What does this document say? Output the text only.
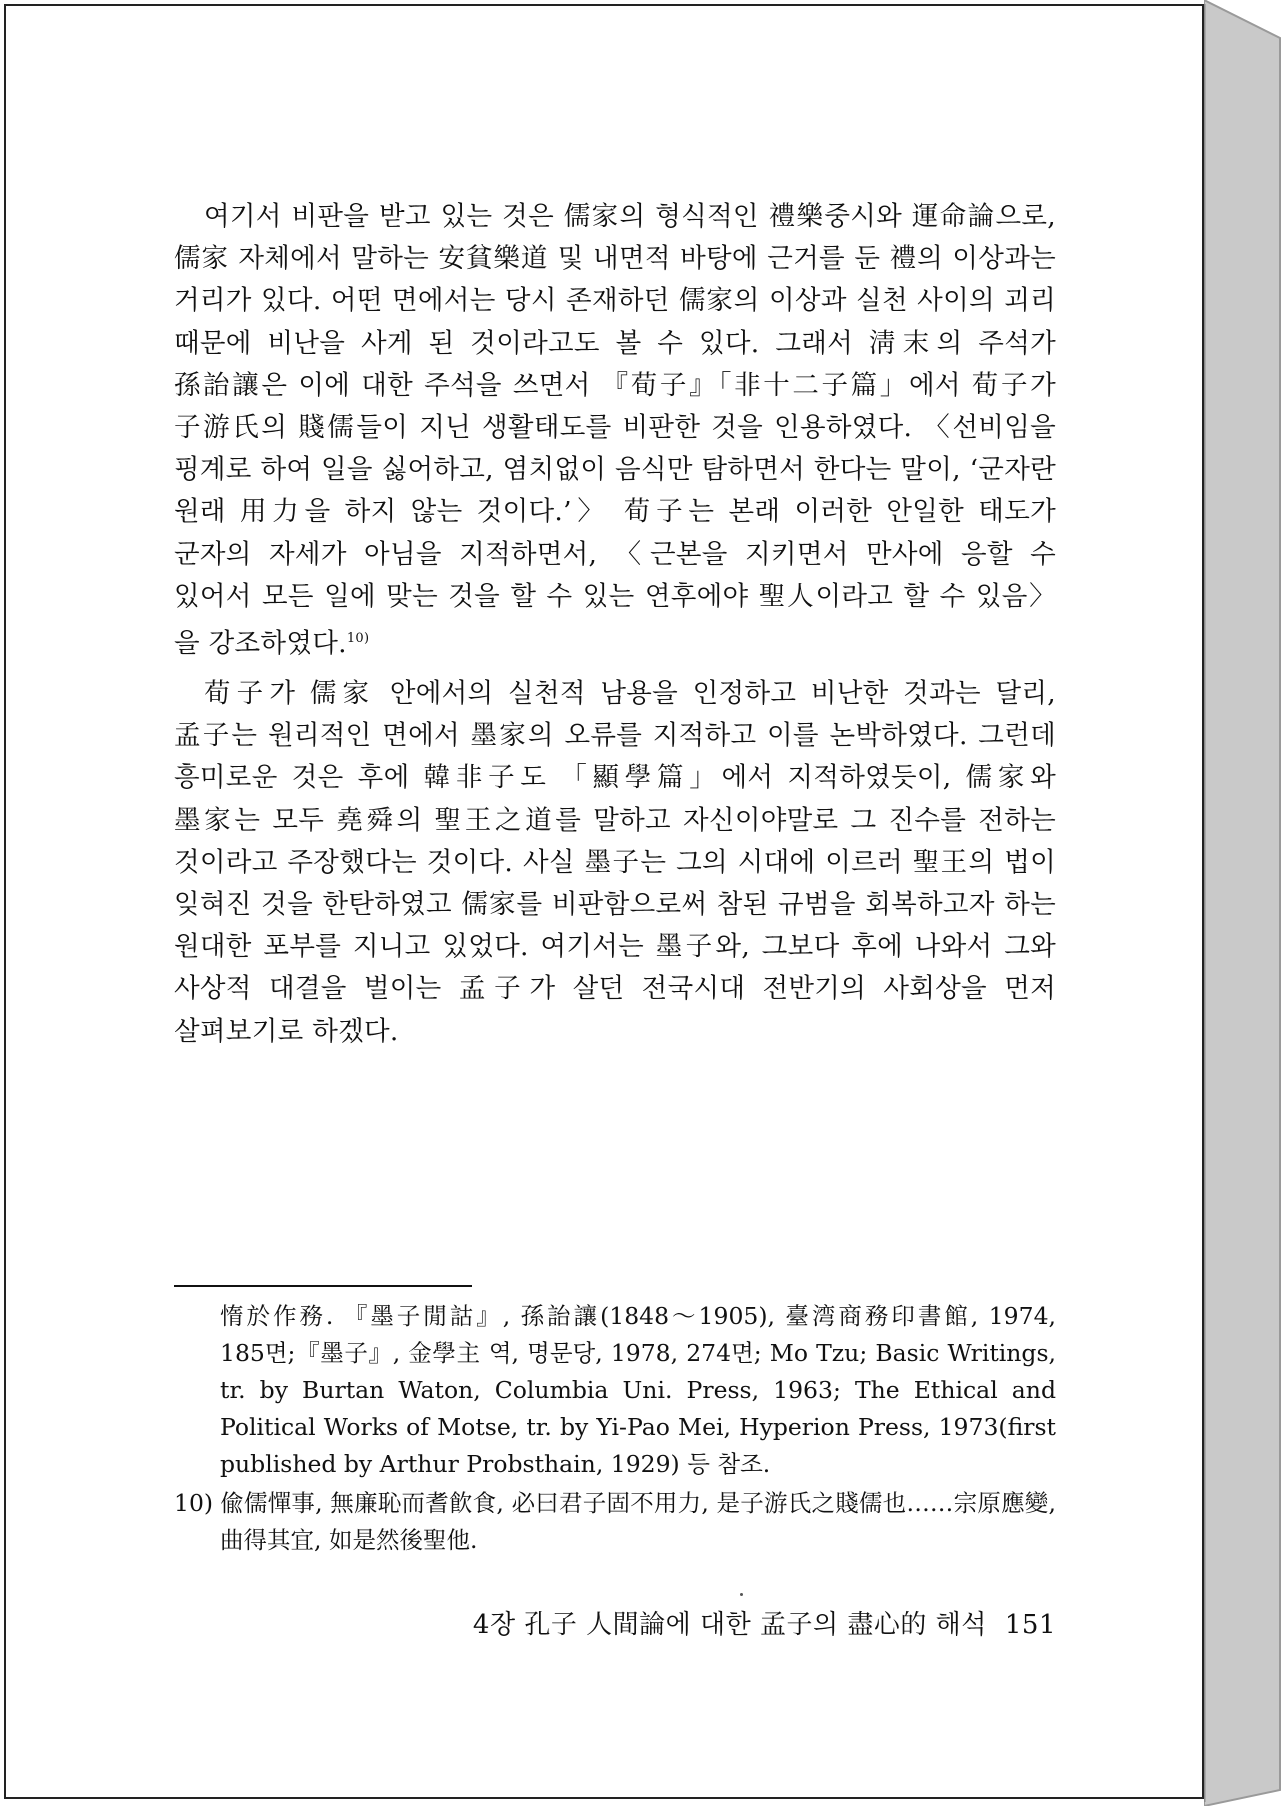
여기서 비판을 받고 있는 것은 儒家의 형식적인 禮樂중시와 運命論으로, 儒家 자체에서 말하는 安貧樂道 및 내면적 바탕에 근거를 둔 禮의 이상과는 거리가 있다. 어떤 면에서는 당시 존재하던 儒家의 이상과 실천 사이의 괴리 때문에 비난을 사게 된 것이라고도 볼 수 있다. 그래서 淸末의 주석가 孫詒讓은 이에 대한 주석을 쓰면서 『荀子』「非十二子篇」에서 荀子가 子游氏의 賤儒들이 지닌 생활태도를 비판한 것을 인용하였다. 〈선비임을 핑계로 하여 일을 싫어하고, 염치없이 음식만 탐하면서 한다는 말이, ‘군자란 원래 用力을 하지 않는 것이다.’〉 荀子는 본래 이러한 안일한 태도가 군자의 자세가 아님을 지적하면서, 〈근본을 지키면서 만사에 응할 수 있어서 모든 일에 맞는 것을 할 수 있는 연후에야 聖人이라고 할 수 있음〉을 강조하였다.$^{10)}$

荀子가 儒家 안에서의 실천적 남용을 인정하고 비난한 것과는 달리, 孟子는 원리적인 면에서 墨家의 오류를 지적하고 이를 논박하였다. 그런데 흥미로운 것은 후에 韓非子도 「顯學篇」에서 지적하였듯이, 儒家와 墨家는 모두 堯舜의 聖王之道를 말하고 자신이야말로 그 진수를 전하는 것이라고 주장했다는 것이다. 사실 墨子는 그의 시대에 이르러 聖王의 법이 잊혀진 것을 한탄하였고 儒家를 비판함으로써 참된 규범을 회복하고자 하는 원대한 포부를 지니고 있었다. 여기서는 墨子와, 그보다 후에 나와서 그와 사상적 대결을 벌이는 孟子가 살던 전국시대 전반기의 사회상을 먼저 살펴보기로 하겠다.

惰於作務. 『墨子閒詁』, 孫詒讓(1848～1905), 臺湾商務印書館, 1974, 185면;『墨子』, 金學主 역, 명문당, 1978, 274면; Mo Tzu; Basic Writings, tr. by Burtan Waton, Columbia Uni. Press, 1963; The Ethical and Political Works of Motse, tr. by Yi-Pao Mei, Hyperion Press, 1973(first published by Arthur Probsthain, 1929) 등 참조.

10) 偸儒憚事, 無廉恥而耆飮食, 必曰君子固不用力, 是子游氏之賤儒也……宗原應變, 曲得其宜, 如是然後聖他.

4장 孔子 人間論에 대한 孟子의 盡心的 해석 151
